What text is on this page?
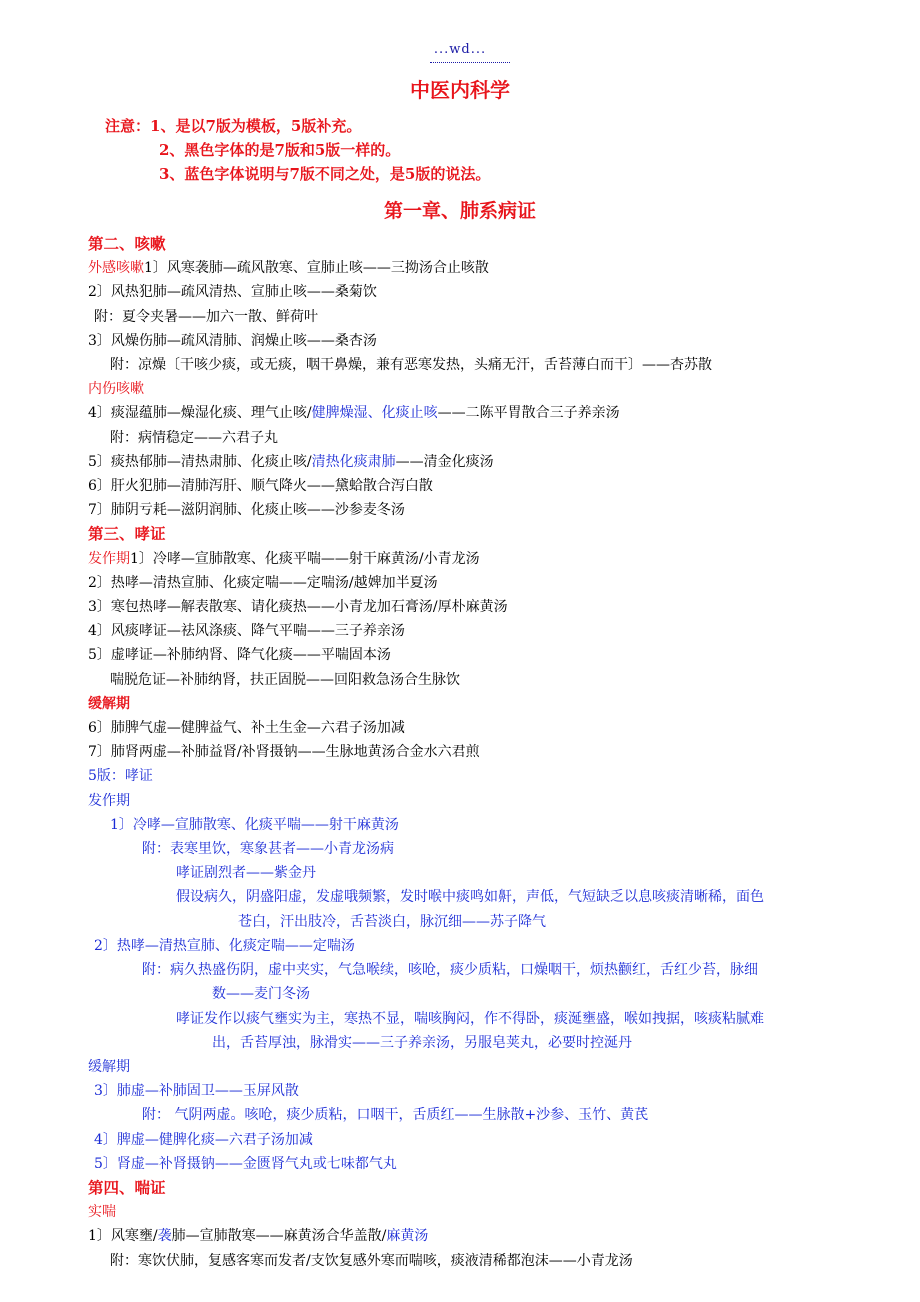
...wd...
中医内科学
注意：1、是以7版为模板，5版补充。
2、黑色字体的是7版和5版一样的。
3、蓝色字体说明与7版不同之处，是5版的说法。
第一章、肺系病证
第二、咳嗽
外感咳嗽1〕风寒袭肺—疏风散寒、宣肺止咳——三拗汤合止咳散
2〕风热犯肺—疏风清热、宣肺止咳——桑菊饮
附：夏令夹暑——加六一散、鲜荷叶
3〕风燥伤肺—疏风清肺、润燥止咳——桑杏汤
附：凉燥〔干咳少痰，或无痰，咽干鼻燥，兼有恶寒发热，头痛无汗，舌苔薄白而干〕——杏苏散
内伤咳嗽
4〕痰湿蕴肺—燥湿化痰、理气止咳/健脾燥湿、化痰止咳——二陈平胃散合三子养亲汤
附：病情稳定——六君子丸
5〕痰热郁肺—清热肃肺、化痰止咳/清热化痰肃肺——清金化痰汤
6〕肝火犯肺—清肺泻肝、顺气降火——黛蛤散合泻白散
7〕肺阴亏耗—滋阴润肺、化痰止咳——沙参麦冬汤
第三、哮证
发作期1〕冷哮—宣肺散寒、化痰平喘——射干麻黄汤/小青龙汤
2〕热哮—清热宣肺、化痰定喘——定喘汤/越婢加半夏汤
3〕寒包热哮—解表散寒、请化痰热——小青龙加石膏汤/厚朴麻黄汤
4〕风痰哮证—祛风涤痰、降气平喘——三子养亲汤
5〕虚哮证—补肺纳肾、降气化痰——平喘固本汤
喘脱危证—补肺纳肾，扶正固脱——回阳救急汤合生脉饮
缓解期
6〕肺脾气虚—健脾益气、补土生金—六君子汤加减
7〕肺肾两虚—补肺益肾/补肾摄钠——生脉地黄汤合金水六君煎
5版：哮证
发作期
1〕冷哮—宣肺散寒、化痰平喘——射干麻黄汤
附：表寒里饮，寒象甚者——小青龙汤病
哮证剧烈者——紫金丹
假设病久，阴盛阳虚，发虚哦频繁，发时喉中痰鸣如鼾，声低，气短缺乏以息咳痰清晰稀，面色
苍白，汗出肢冷，舌苔淡白，脉沉细——苏子降气
2〕热哮—清热宣肺、化痰定喘——定喘汤
附：病久热盛伤阴，虚中夹实，气急喉续，咳呛，痰少质粘，口燥咽干，烦热颧红，舌红少苔，脉细
数——麦门冬汤
哮证发作以痰气壅实为主，寒热不显，喘咳胸闷，作不得卧，痰涎壅盛，喉如拽据，咳痰粘腻难
出，舌苔厚浊，脉滑实——三子养亲汤，另服皂荚丸，必要时控涎丹
缓解期
3〕肺虚—补肺固卫——玉屏风散
附： 气阴两虚。咳呛，痰少质粘，口咽干，舌质红——生脉散+沙参、玉竹、黄芪
4〕脾虚—健脾化痰—六君子汤加减
5〕肾虚—补肾摄钠——金匮肾气丸或七味都气丸
第四、喘证
实喘
1〕风寒壅/袭肺—宣肺散寒——麻黄汤合华盖散/麻黄汤
附：寒饮伏肺，复感客寒而发者/支饮复感外寒而喘咳，痰液清稀都泡沫——小青龙汤
